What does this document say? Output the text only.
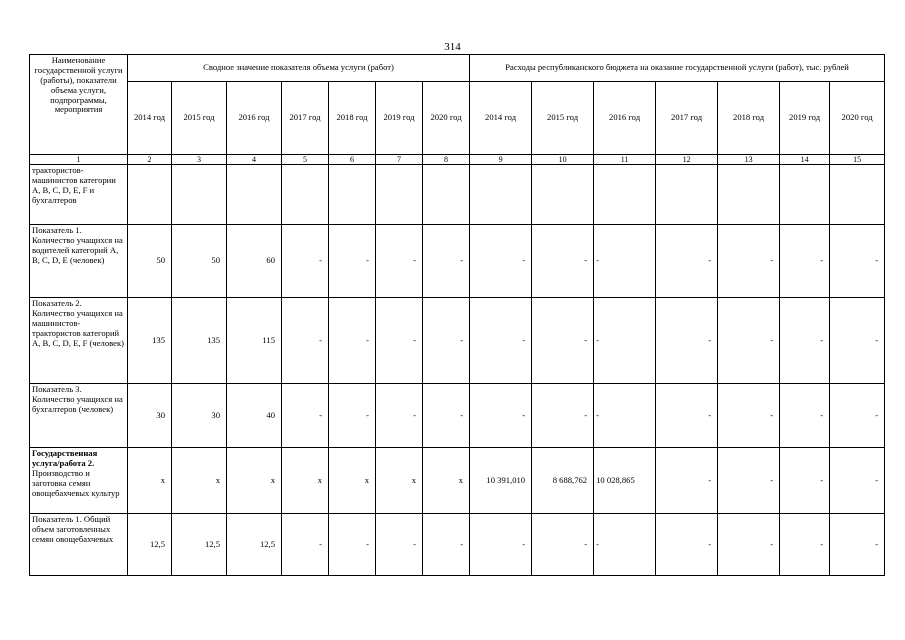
314
Наименование государственной услуги (работы), показатели объема услуги, подпрограммы, мероприятия	Сводное значение показателя объема услуги (работ)							Расходы республиканского бюджета на оказание государственной услуги (работ), тыс. рублей						
	2014 год	2015 год	2016 год	2017 год	2018 год	2019 год	2020 год	2014 год	2015 год	2016 год	2017 год	2018 год	2019 год	2020 год
1	2	3	4	5	6	7	8	9	10	11	12	13	14	15
трактористов-машинистов категории A, B, C, D, E, F и бухгалтеров														
Показатель 1. Количество учащихся на водителей категорий A, B, C, D, E (человек)	50	50	60	-	-	-	-	-	-	-	-	-	-	-
Показатель 2. Количество учащихся на машинистов-трактористов категорий A, B, C, D, E, F (человек)	135	135	115	-	-	-	-	-	-	-	-	-	-	-
Показатель 3. Количество учащихся на бухгалтеров (человек)	30	30	40	-	-	-	-	-	-	-	-	-	-	-
Государственная услуга/работа 2. Производство и заготовка семян овощебахчевых культур	x	x	x	x	x	x	x	10 391,010	8 688,762	10 028,865	-	-	-	-
Показатель 1. Общий объем заготовленных семян овощебахчевых	12,5	12,5	12,5	-	-	-	-	-	-	-	-	-	-	-
